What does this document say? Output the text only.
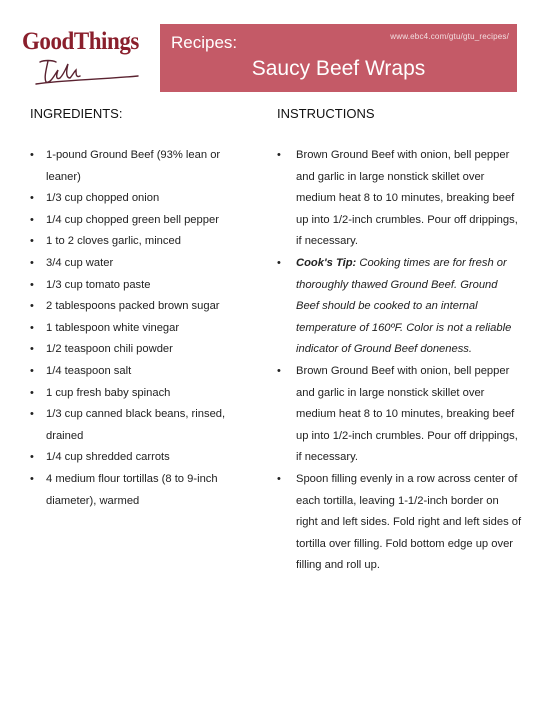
GoodThings Recipes:	www.ebc4.com/gtu/gtu_recipes/
Saucy Beef Wraps
INGREDIENTS:
• 1-pound Ground Beef (93% lean or leaner)
• 1/3 cup chopped onion
• 1/4 cup chopped green bell pepper
• 1 to 2 cloves garlic, minced
• 3/4 cup water
• 1/3 cup tomato paste
• 2 tablespoons packed brown sugar
• 1 tablespoon white vinegar
• 1/2 teaspoon chili powder
• 1/4 teaspoon salt
• 1 cup fresh baby spinach
• 1/3 cup canned black beans, rinsed, drained
• 1/4 cup shredded carrots
• 4 medium flour tortillas (8 to 9-inch diameter), warmed
INSTRUCTIONS
• Brown Ground Beef with onion, bell pepper and garlic in large nonstick skillet over medium heat 8 to 10 minutes, breaking beef up into 1/2-inch crumbles. Pour off drippings, if necessary.
• Cook's Tip: Cooking times are for fresh or thoroughly thawed Ground Beef. Ground Beef should be cooked to an internal temperature of 160ºF. Color is not a reliable indicator of Ground Beef doneness.
• Brown Ground Beef with onion, bell pepper and garlic in large nonstick skillet over medium heat 8 to 10 minutes, breaking beef up into 1/2-inch crumbles. Pour off drippings, if necessary.
• Spoon filling evenly in a row across center of each tortilla, leaving 1-1/2-inch border on right and left sides. Fold right and left sides of tortilla over filling. Fold bottom edge up over filling and roll up.
